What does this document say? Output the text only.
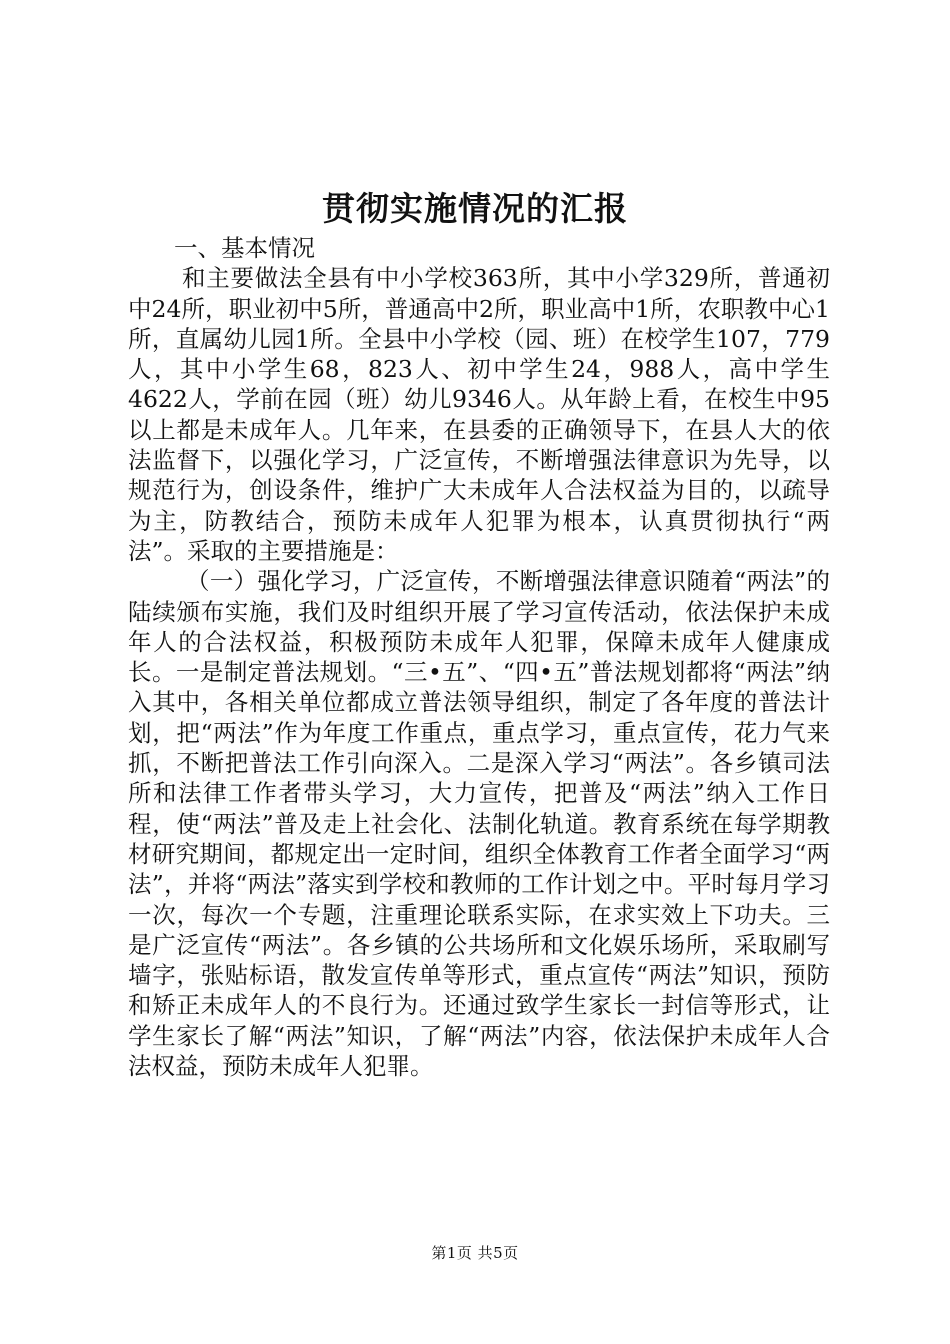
贯彻实施情况的汇报

一、基本情况

和主要做法全县有中小学校363所，其中小学329所，普通初中24所，职业初中5所，普通高中2所，职业高中1所，农职教中心1所，直属幼儿园1所。全县中小学校（园、班）在校学生107，779人，其中小学生68，823人、初中学生24，988人，高中学生4622人，学前在园（班）幼儿9346人。从年龄上看，在校生中95以上都是未成年人。几年来，在县委的正确领导下，在县人大的依法监督下，以强化学习，广泛宣传，不断增强法律意识为先导，以规范行为，创设条件，维护广大未成年人合法权益为目的，以疏导为主，防教结合，预防未成年人犯罪为根本，认真贯彻执行“两法”。采取的主要措施是：

（一）强化学习，广泛宣传，不断增强法律意识随着“两法”的陆续颁布实施，我们及时组织开展了学习宣传活动，依法保护未成年人的合法权益，积极预防未成年人犯罪，保障未成年人健康成长。一是制定普法规划。“三•五”、“四•五”普法规划都将“两法”纳入其中，各相关单位都成立普法领导组织，制定了各年度的普法计划，把“两法”作为年度工作重点，重点学习，重点宣传，花力气来抓，不断把普法工作引向深入。二是深入学习“两法”。各乡镇司法所和法律工作者带头学习，大力宣传，把普及“两法”纳入工作日程，使“两法”普及走上社会化、法制化轨道。教育系统在每学期教材研究期间，都规定出一定时间，组织全体教育工作者全面学习“两法”，并将“两法”落实到学校和教师的工作计划之中。平时每月学习一次，每次一个专题，注重理论联系实际，在求实效上下功夫。三是广泛宣传“两法”。各乡镇的公共场所和文化娱乐场所，采取刷写墙字，张贴标语，散发宣传单等形式，重点宣传“两法”知识，预防和矫正未成年人的不良行为。还通过致学生家长一封信等形式，让学生家长了解“两法”知识，了解“两法”内容，依法保护未成年人合法权益，预防未成年人犯罪。

第1页 共5页
